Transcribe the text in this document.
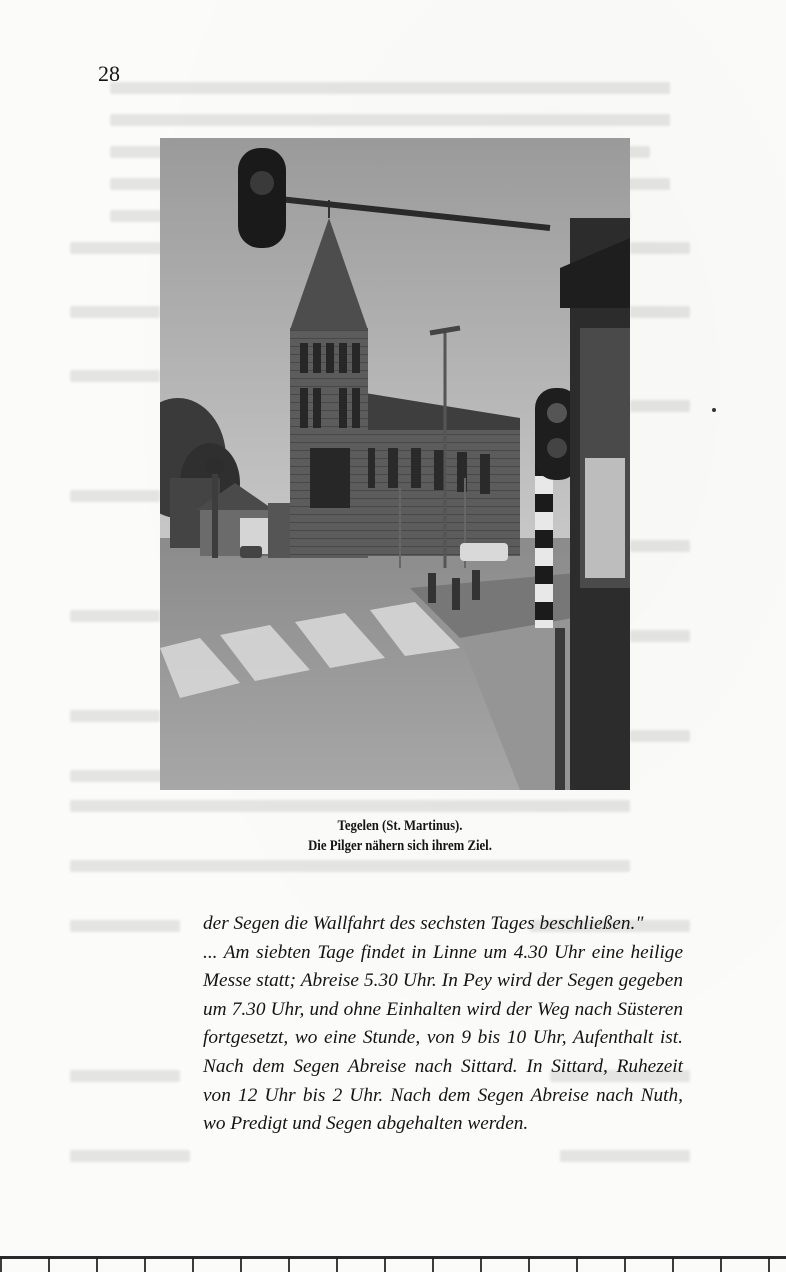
28
Tegelen (St. Martinus).
Die Pilger nähern sich ihrem Ziel.

der Segen die Wallfahrt des sechsten Tages beschließen."

... Am siebten Tage findet in Linne um 4.30 Uhr eine heilige Messe statt; Abreise 5.30 Uhr. In Pey wird der Segen gegeben um 7.30 Uhr, und ohne Einhalten wird der Weg nach Süsteren fortgesetzt, wo eine Stunde, von 9 bis 10 Uhr, Aufenthalt ist. Nach dem Segen Abreise nach Sittard. In Sittard, Ruhezeit von 12 Uhr bis 2 Uhr. Nach dem Segen Abreise nach Nuth, wo Predigt und Segen abgehalten werden.
